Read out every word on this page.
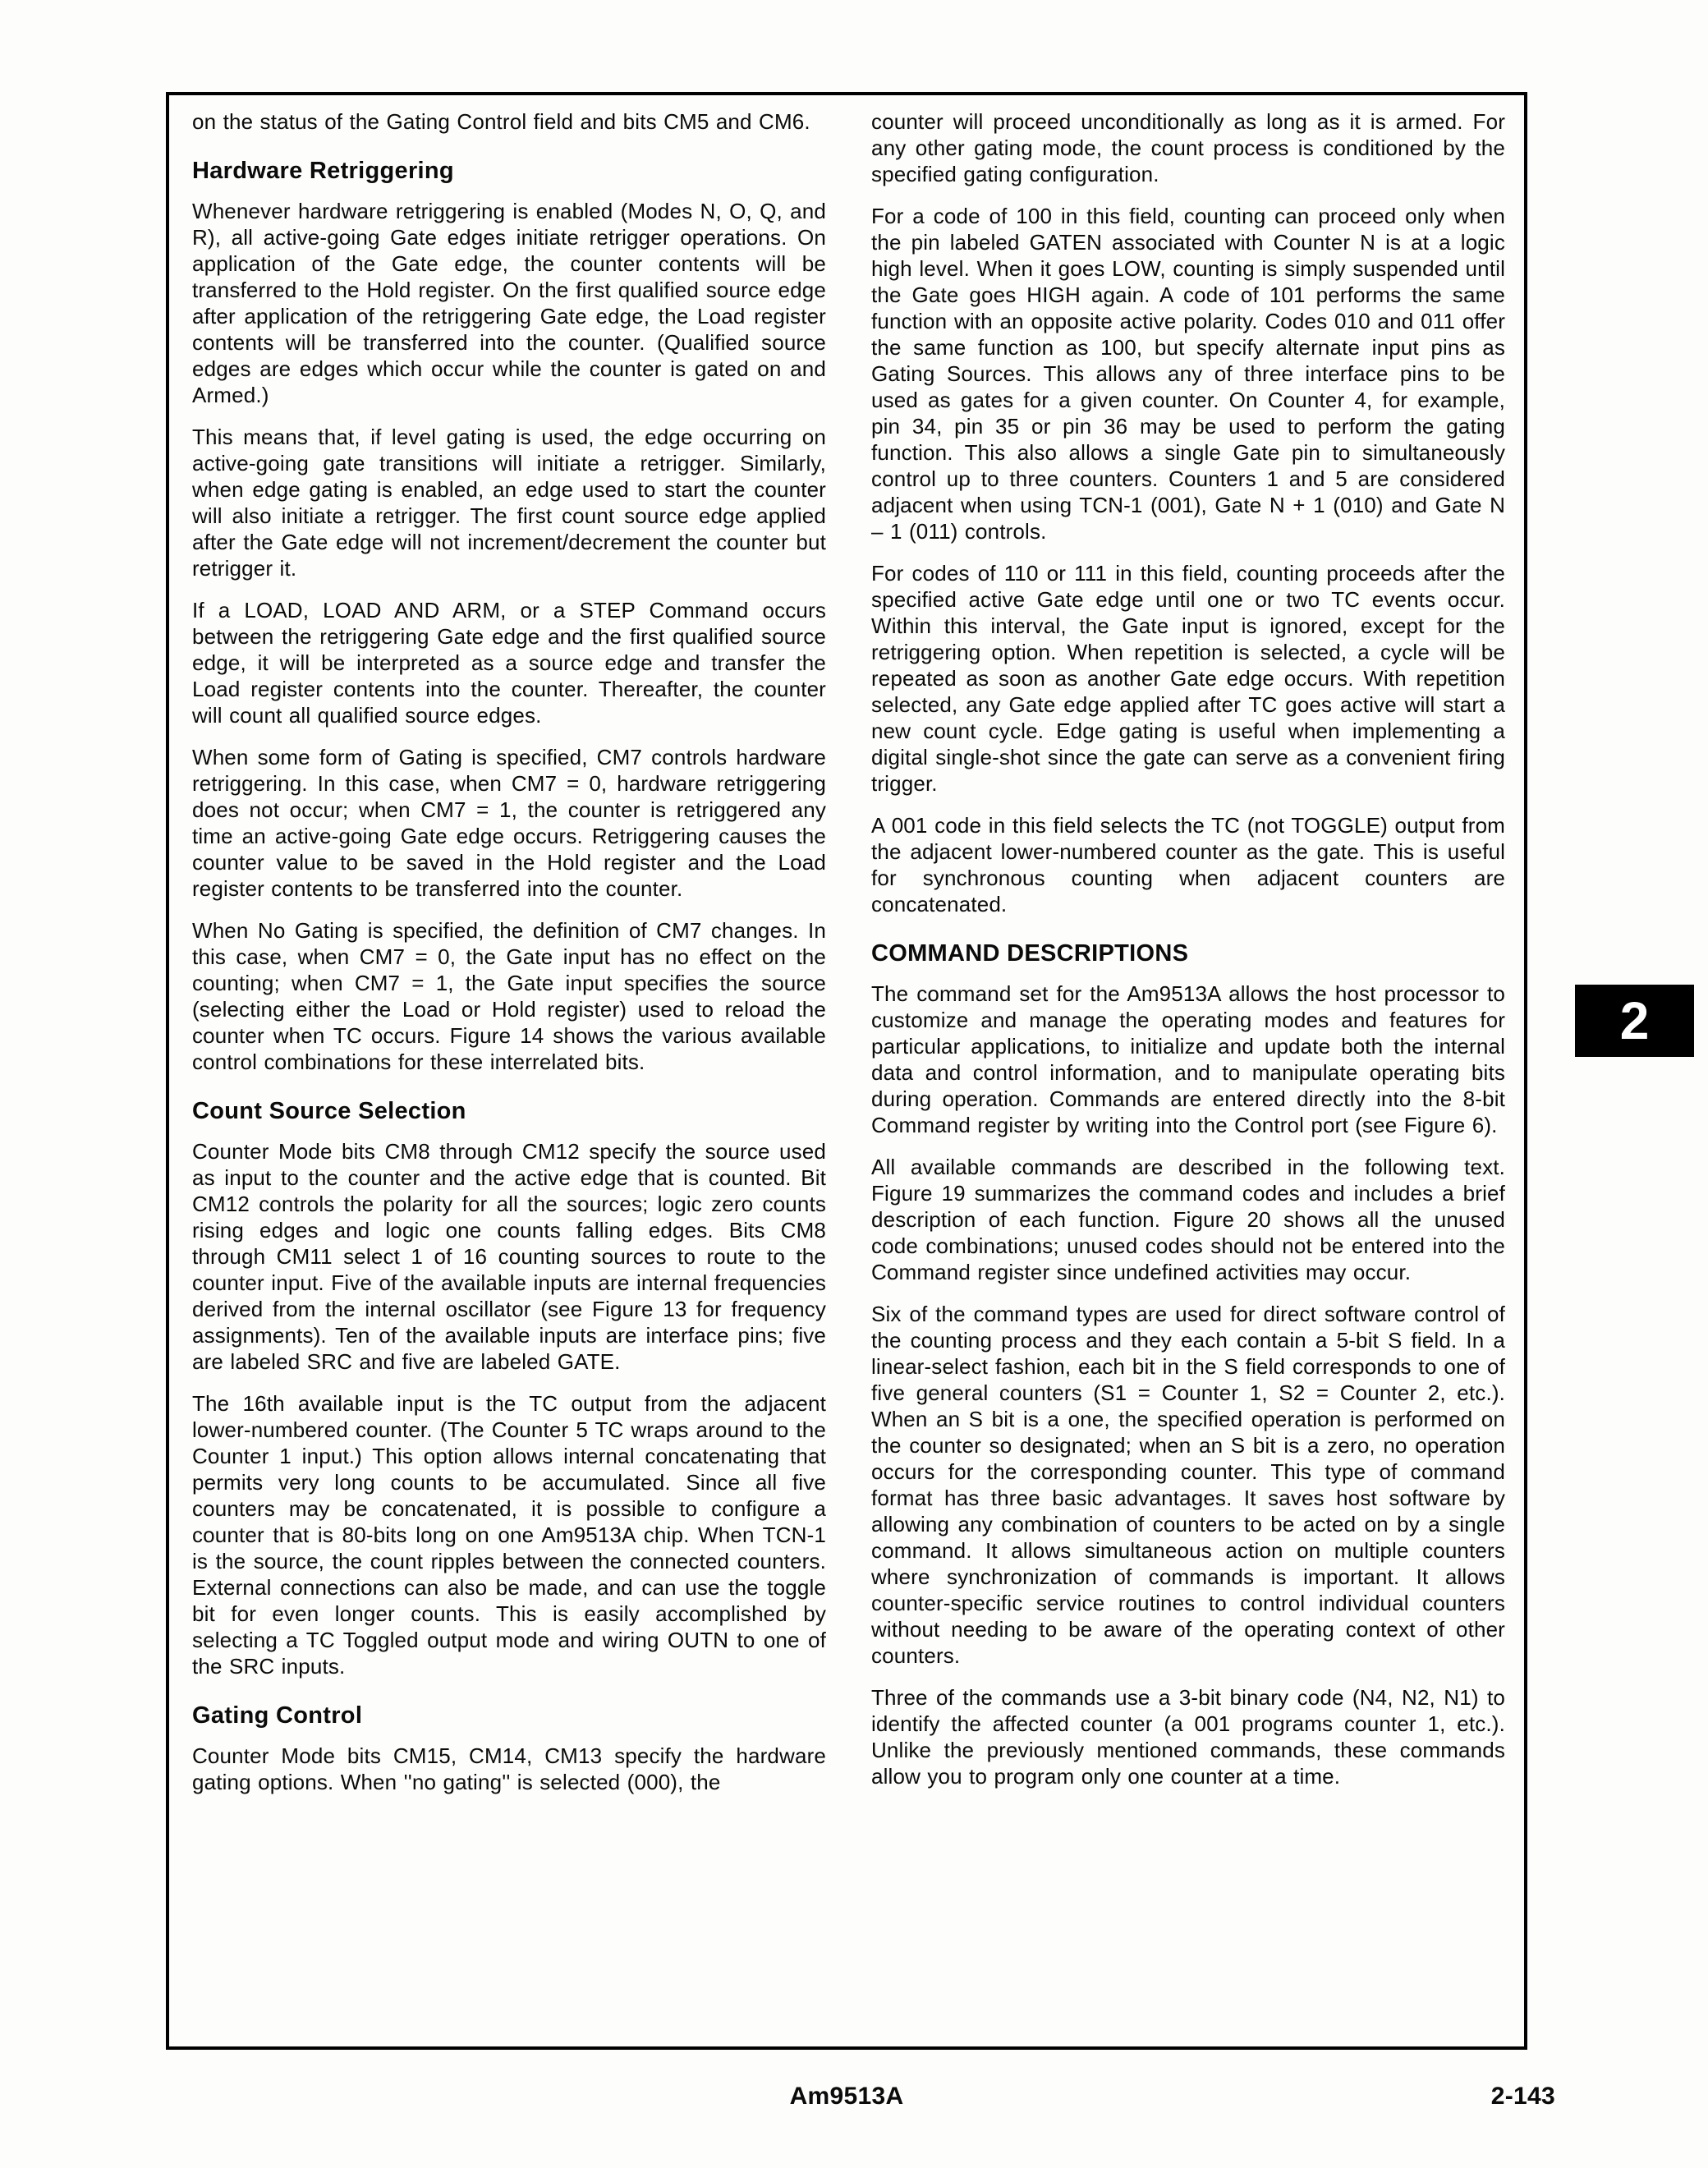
on the status of the Gating Control field and bits CM5 and CM6.

Hardware Retriggering

Whenever hardware retriggering is enabled (Modes N, O, Q, and R), all active-going Gate edges initiate retrigger operations. On application of the Gate edge, the counter contents will be transferred to the Hold register. On the first qualified source edge after application of the retriggering Gate edge, the Load register contents will be transferred into the counter. (Qualified source edges are edges which occur while the counter is gated on and Armed.)

This means that, if level gating is used, the edge occurring on active-going gate transitions will initiate a retrigger. Similarly, when edge gating is enabled, an edge used to start the counter will also initiate a retrigger. The first count source edge applied after the Gate edge will not increment/decrement the counter but retrigger it.

If a LOAD, LOAD AND ARM, or a STEP Command occurs between the retriggering Gate edge and the first qualified source edge, it will be interpreted as a source edge and transfer the Load register contents into the counter. Thereafter, the counter will count all qualified source edges.

When some form of Gating is specified, CM7 controls hardware retriggering. In this case, when CM7 = 0, hardware retriggering does not occur; when CM7 = 1, the counter is retriggered any time an active-going Gate edge occurs. Retriggering causes the counter value to be saved in the Hold register and the Load register contents to be transferred into the counter.

When No Gating is specified, the definition of CM7 changes. In this case, when CM7 = 0, the Gate input has no effect on the counting; when CM7 = 1, the Gate input specifies the source (selecting either the Load or Hold register) used to reload the counter when TC occurs. Figure 14 shows the various available control combinations for these interrelated bits.

Count Source Selection

Counter Mode bits CM8 through CM12 specify the source used as input to the counter and the active edge that is counted. Bit CM12 controls the polarity for all the sources; logic zero counts rising edges and logic one counts falling edges. Bits CM8 through CM11 select 1 of 16 counting sources to route to the counter input. Five of the available inputs are internal frequencies derived from the internal oscillator (see Figure 13 for frequency assignments). Ten of the available inputs are interface pins; five are labeled SRC and five are labeled GATE.

The 16th available input is the TC output from the adjacent lower-numbered counter. (The Counter 5 TC wraps around to the Counter 1 input.) This option allows internal concatenating that permits very long counts to be accumulated. Since all five counters may be concatenated, it is possible to configure a counter that is 80-bits long on one Am9513A chip. When TCN-1 is the source, the count ripples between the connected counters. External connections can also be made, and can use the toggle bit for even longer counts. This is easily accomplished by selecting a TC Toggled output mode and wiring OUTN to one of the SRC inputs.

Gating Control

Counter Mode bits CM15, CM14, CM13 specify the hardware gating options. When ''no gating'' is selected (000), the

counter will proceed unconditionally as long as it is armed. For any other gating mode, the count process is conditioned by the specified gating configuration.

For a code of 100 in this field, counting can proceed only when the pin labeled GATEN associated with Counter N is at a logic high level. When it goes LOW, counting is simply suspended until the Gate goes HIGH again. A code of 101 performs the same function with an opposite active polarity. Codes 010 and 011 offer the same function as 100, but specify alternate input pins as Gating Sources. This allows any of three interface pins to be used as gates for a given counter. On Counter 4, for example, pin 34, pin 35 or pin 36 may be used to perform the gating function. This also allows a single Gate pin to simultaneously control up to three counters. Counters 1 and 5 are considered adjacent when using TCN-1 (001), Gate N + 1 (010) and Gate N – 1 (011) controls.

For codes of 110 or 111 in this field, counting proceeds after the specified active Gate edge until one or two TC events occur. Within this interval, the Gate input is ignored, except for the retriggering option. When repetition is selected, a cycle will be repeated as soon as another Gate edge occurs. With repetition selected, any Gate edge applied after TC goes active will start a new count cycle. Edge gating is useful when implementing a digital single-shot since the gate can serve as a convenient firing trigger.

A 001 code in this field selects the TC (not TOGGLE) output from the adjacent lower-numbered counter as the gate. This is useful for synchronous counting when adjacent counters are concatenated.

COMMAND DESCRIPTIONS

The command set for the Am9513A allows the host processor to customize and manage the operating modes and features for particular applications, to initialize and update both the internal data and control information, and to manipulate operating bits during operation. Commands are entered directly into the 8-bit Command register by writing into the Control port (see Figure 6).

All available commands are described in the following text. Figure 19 summarizes the command codes and includes a brief description of each function. Figure 20 shows all the unused code combinations; unused codes should not be entered into the Command register since undefined activities may occur.

Six of the command types are used for direct software control of the counting process and they each contain a 5-bit S field. In a linear-select fashion, each bit in the S field corresponds to one of five general counters (S1 = Counter 1, S2 = Counter 2, etc.). When an S bit is a one, the specified operation is performed on the counter so designated; when an S bit is a zero, no operation occurs for the corresponding counter. This type of command format has three basic advantages. It saves host software by allowing any combination of counters to be acted on by a single command. It allows simultaneous action on multiple counters where synchronization of commands is important. It allows counter-specific service routines to control individual counters without needing to be aware of the operating context of other counters.

Three of the commands use a 3-bit binary code (N4, N2, N1) to identify the affected counter (a 001 programs counter 1, etc.). Unlike the previously mentioned commands, these commands allow you to program only one counter at a time.

2
Am9513A	2-143
